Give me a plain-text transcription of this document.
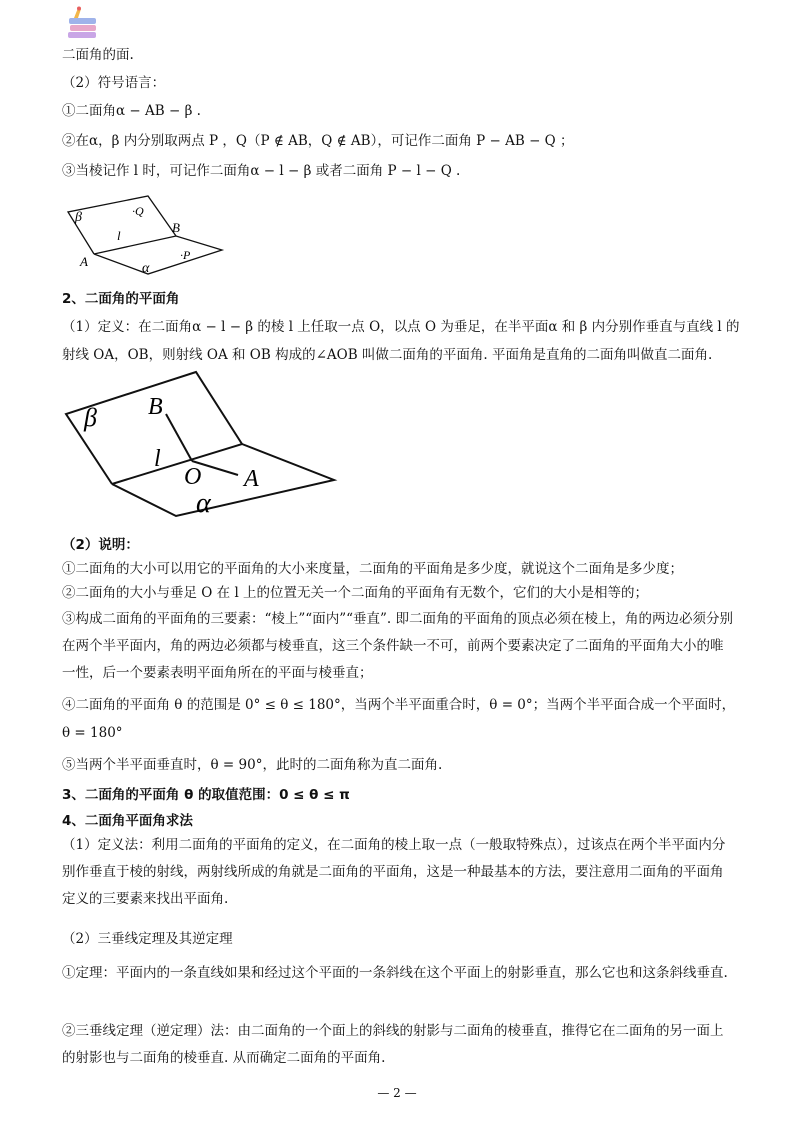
二面角的面.
（2）符号语言：
①二面角α − AB − β .
②在α，β 内分别取两点 P ，Q（P ∉ AB，Q ∉ AB），可记作二面角 P − AB − Q ；
③当棱记作 l 时，可记作二面角α − l − β 或者二面角 P − l − Q .
β	·Q
B
l
A	α
·P
2、二面角的平面角
（1）定义：在二面角α − l − β 的棱 l 上任取一点 O，以点 O 为垂足，在半平面α 和 β 内分别作垂直与直线 l 的
射线 OA，OB，则射线 OA 和 OB 构成的∠AOB 叫做二面角的平面角. 平面角是直角的二面角叫做直二面角.
β B
l
O A
α
（2）说明：
①二面角的大小可以用它的平面角的大小来度量，二面角的平面角是多少度，就说这个二面角是多少度；
②二面角的大小与垂足 O 在 l 上的位置无关一个二面角的平面角有无数个，它们的大小是相等的；
③构成二面角的平面角的三要素：“棱上”“面内”“垂直”. 即二面角的平面角的顶点必须在棱上，角的两边必须分别在两个半平面内，角的两边必须都与棱垂直，这三个条件缺一不可，前两个要素决定了二面角的平面角大小的唯一性，后一个要素表明平面角所在的平面与棱垂直；
④二面角的平面角 θ 的范围是 0° ≤ θ ≤ 180°，当两个半平面重合时，θ = 0°；当两个半平面合成一个平面时，
θ = 180°
⑤当两个半平面垂直时，θ = 90°，此时的二面角称为直二面角.
3、二面角的平面角 θ 的取值范围：0 ≤ θ ≤ π
4、二面角平面角求法
（1）定义法：利用二面角的平面角的定义，在二面角的棱上取一点（一般取特殊点），过该点在两个半平面内分别作垂直于棱的射线，两射线所成的角就是二面角的平面角，这是一种最基本的方法，要注意用二面角的平面角定义的三要素来找出平面角.
（2）三垂线定理及其逆定理
①定理：平面内的一条直线如果和经过这个平面的一条斜线在这个平面上的射影垂直，那么它也和这条斜线垂直.
②三垂线定理（逆定理）法：由二面角的一个面上的斜线的射影与二面角的棱垂直，推得它在二面角的另一面上的射影也与二面角的棱垂直. 从而确定二面角的平面角.
— 2 —
